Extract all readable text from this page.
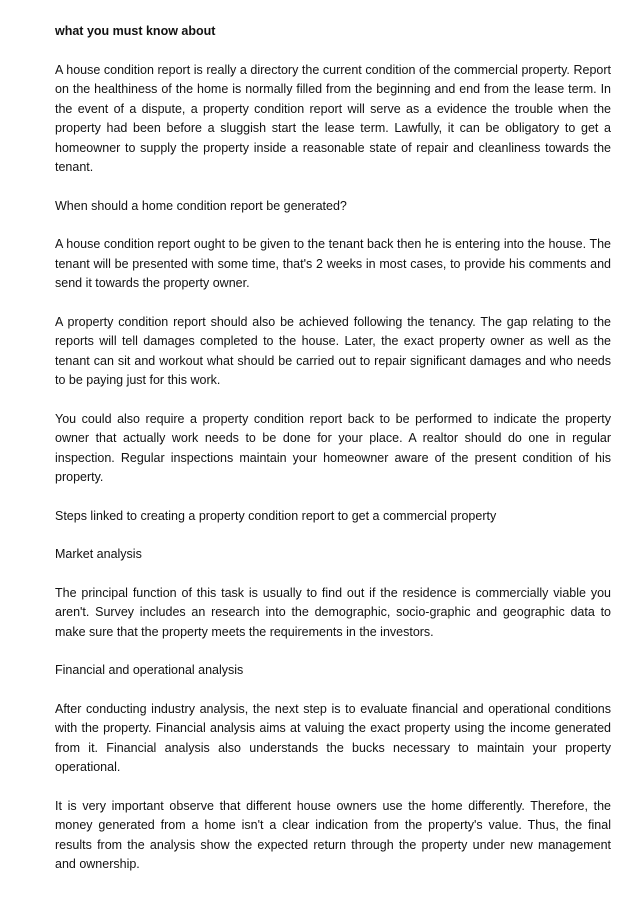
what you must know about
A house condition report is really a directory the current condition of the commercial property. Report on the healthiness of the home is normally filled from the beginning and end from the lease term. In the event of a dispute, a property condition report will serve as a evidence the trouble when the property had been before a sluggish start the lease term. Lawfully, it can be obligatory to get a homeowner to supply the property inside a reasonable state of repair and cleanliness towards the tenant.
When should a home condition report be generated?
A house condition report ought to be given to the tenant back then he is entering into the house. The tenant will be presented with some time, that's 2 weeks in most cases, to provide his comments and send it towards the property owner.
A property condition report should also be achieved following the tenancy. The gap relating to the reports will tell damages completed to the house. Later, the exact property owner as well as the tenant can sit and workout what should be carried out to repair significant damages and who needs to be paying just for this work.
You could also require a property condition report back to be performed to indicate the property owner that actually work needs to be done for your place. A realtor should do one in regular inspection. Regular inspections maintain your homeowner aware of the present condition of his property.
Steps linked to creating a property condition report to get a commercial property
Market analysis
The principal function of this task is usually to find out if the residence is commercially viable you aren't. Survey includes an research into the demographic, socio-graphic and geographic data to make sure that the property meets the requirements in the investors.
Financial and operational analysis
After conducting industry analysis, the next step is to evaluate financial and operational conditions with the property. Financial analysis aims at valuing the exact property using the income generated from it. Financial analysis also understands the bucks necessary to maintain your property operational.
It is very important observe that different house owners use the home differently. Therefore, the money generated from a home isn't a clear indication from the property's value. Thus, the final results from the analysis show the expected return through the property under new management and ownership.
